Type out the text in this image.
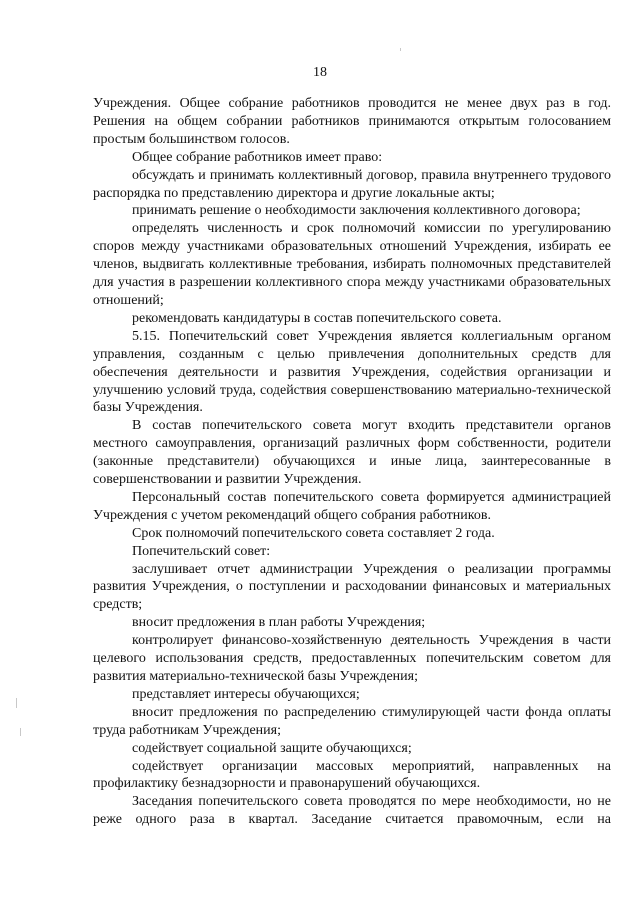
18

Учреждения. Общее собрание работников проводится не менее двух раз в год. Решения на общем собрании работников принимаются открытым голосованием простым большинством голосов.

Общее собрание работников имеет право:

обсуждать и принимать коллективный договор, правила внутреннего трудового распорядка по представлению директора и другие локальные акты;

принимать решение о необходимости заключения коллективного договора;

определять численность и срок полномочий комиссии по урегулированию споров между участниками образовательных отношений Учреждения, избирать ее членов, выдвигать коллективные требования, избирать полномочных представителей для участия в разрешении коллективного спора между участниками образовательных отношений;

рекомендовать кандидатуры в состав попечительского совета.

5.15. Попечительский совет Учреждения является коллегиальным органом управления, созданным с целью привлечения дополнительных средств для обеспечения деятельности и развития Учреждения, содействия организации и улучшению условий труда, содействия совершенствованию материально-технической базы Учреждения.

В состав попечительского совета могут входить представители органов местного самоуправления, организаций различных форм собственности, родители (законные представители) обучающихся и иные лица, заинтересованные в совершенствовании и развитии Учреждения.

Персональный состав попечительского совета формируется администрацией Учреждения с учетом рекомендаций общего собрания работников.

Срок полномочий попечительского совета составляет 2 года.

Попечительский совет:

заслушивает отчет администрации Учреждения о реализации программы развития Учреждения, о поступлении и расходовании финансовых и материальных средств;

вносит предложения в план работы Учреждения;

контролирует финансово-хозяйственную деятельность Учреждения в части целевого использования средств, предоставленных попечительским советом для развития материально-технической базы Учреждения;

представляет интересы обучающихся;

вносит предложения по распределению стимулирующей части фонда оплаты труда работникам Учреждения;

содействует социальной защите обучающихся;

содействует организации массовых мероприятий, направленных на профилактику безнадзорности и правонарушений обучающихся.

Заседания попечительского совета проводятся по мере необходимости, но не реже одного раза в квартал. Заседание считается правомочным, если на
